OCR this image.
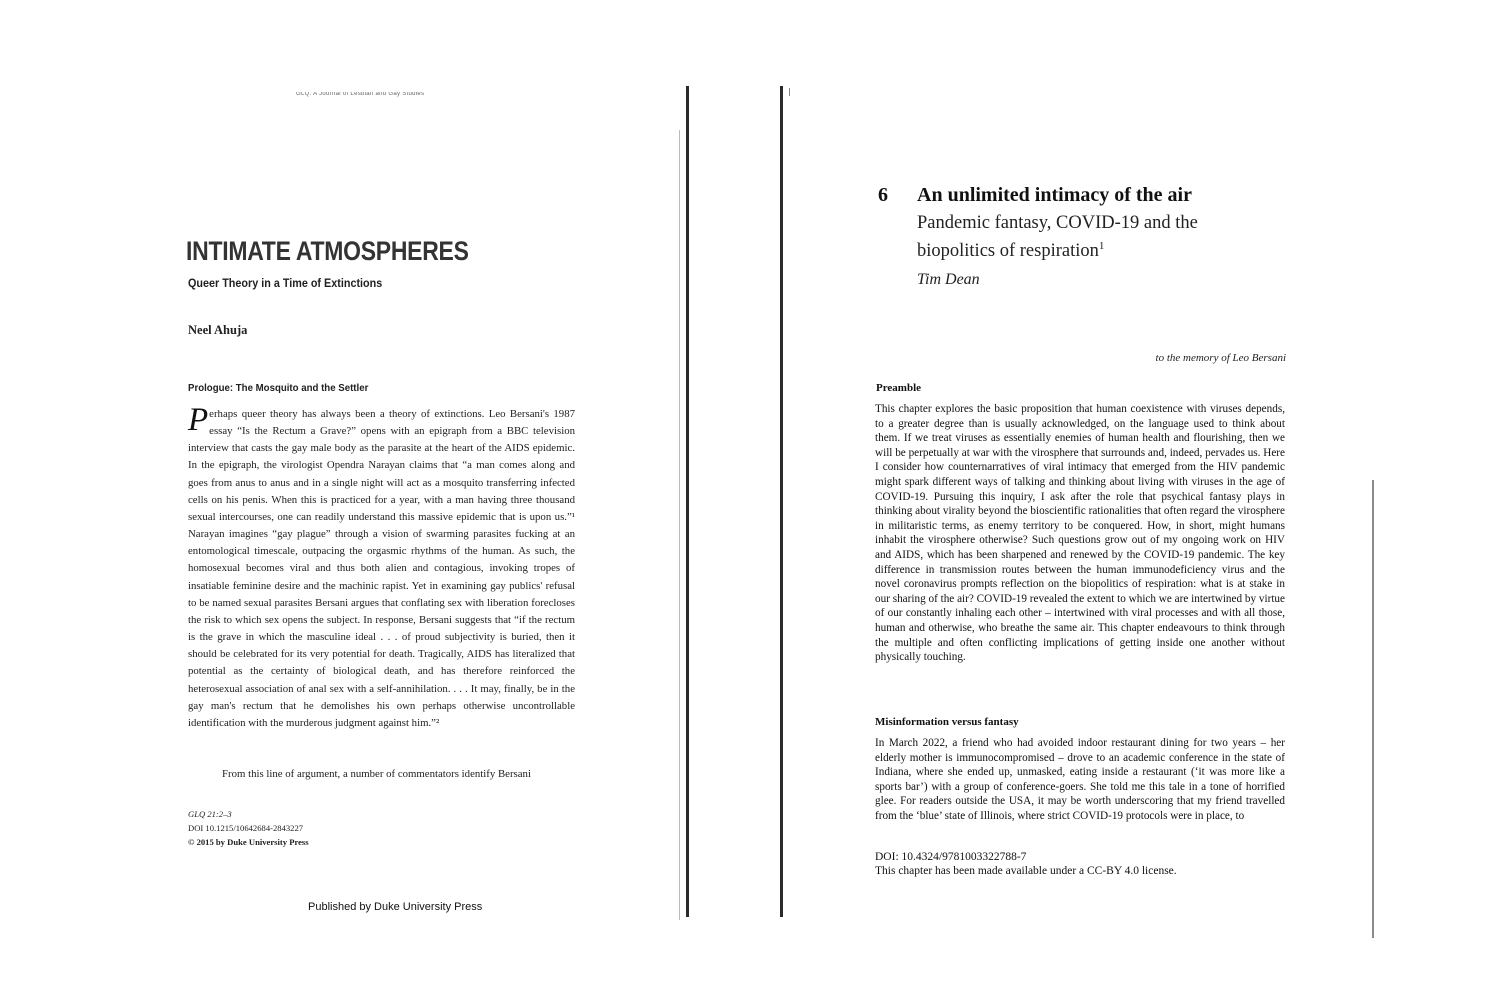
GLQ: A Journal of Lesbian and Gay Studies
INTIMATE ATMOSPHERES
Queer Theory in a Time of Extinctions
Neel Ahuja
Prologue: The Mosquito and the Settler

Perhaps queer theory has always been a theory of extinctions. Leo Bersani's 1987 essay “Is the Rectum a Grave?” opens with an epigraph from a BBC television interview that casts the gay male body as the parasite at the heart of the AIDS epidemic. In the epigraph, the virologist Opendra Narayan claims that “a man comes along and goes from anus to anus and in a single night will act as a mosquito transferring infected cells on his penis. When this is practiced for a year, with a man having three thousand sexual intercourses, one can readily understand this massive epidemic that is upon us.”¹ Narayan imagines “gay plague” through a vision of swarming parasites fucking at an entomological timescale, outpacing the orgasmic rhythms of the human. As such, the homosexual becomes viral and thus both alien and contagious, invoking tropes of insatiable feminine desire and the machinic rapist. Yet in examining gay publics' refusal to be named sexual parasites Bersani argues that conflating sex with liberation forecloses the risk to which sex opens the subject. In response, Bersani suggests that “if the rectum is the grave in which the masculine ideal . . . of proud subjectivity is buried, then it should be celebrated for its very potential for death. Tragically, AIDS has literalized that potential as the certainty of biological death, and has therefore reinforced the heterosexual association of anal sex with a self-annihilation. . . . It may, finally, be in the gay man's rectum that he demolishes his own perhaps otherwise uncontrollable identification with the murderous judgment against him.”²

From this line of argument, a number of commentators identify Bersani
GLQ 21:2–3
DOI 10.1215/10642684-2843227
© 2015 by Duke University Press
Published by Duke University Press
6 An unlimited intimacy of the air
Pandemic fantasy, COVID-19 and the biopolitics of respiration$^1$
Tim Dean
to the memory of Leo Bersani
Preamble

This chapter explores the basic proposition that human coexistence with viruses depends, to a greater degree than is usually acknowledged, on the language used to think about them. If we treat viruses as essentially enemies of human health and flourishing, then we will be perpetually at war with the virosphere that surrounds and, indeed, pervades us. Here I consider how counternarratives of viral intimacy that emerged from the HIV pandemic might spark different ways of talking and thinking about living with viruses in the age of COVID-19. Pursuing this inquiry, I ask after the role that psychical fantasy plays in thinking about virality beyond the bioscientific rationalities that often regard the virosphere in militaristic terms, as enemy territory to be conquered. How, in short, might humans inhabit the virosphere otherwise? Such questions grow out of my ongoing work on HIV and AIDS, which has been sharpened and renewed by the COVID-19 pandemic. The key difference in transmission routes between the human immunodeficiency virus and the novel coronavirus prompts reflection on the biopolitics of respiration: what is at stake in our sharing of the air? COVID-19 revealed the extent to which we are intertwined by virtue of our constantly inhaling each other – intertwined with viral processes and with all those, human and otherwise, who breathe the same air. This chapter endeavours to think through the multiple and often conflicting implications of getting inside one another without physically touching.

Misinformation versus fantasy

In March 2022, a friend who had avoided indoor restaurant dining for two years – her elderly mother is immunocompromised – drove to an academic conference in the state of Indiana, where she ended up, unmasked, eating inside a restaurant (‘it was more like a sports bar’) with a group of conference-goers. She told me this tale in a tone of horrified glee. For readers outside the USA, it may be worth underscoring that my friend travelled from the ‘blue’ state of Illinois, where strict COVID-19 protocols were in place, to

DOI: 10.4324/9781003322788-7
This chapter has been made available under a CC-BY 4.0 license.
